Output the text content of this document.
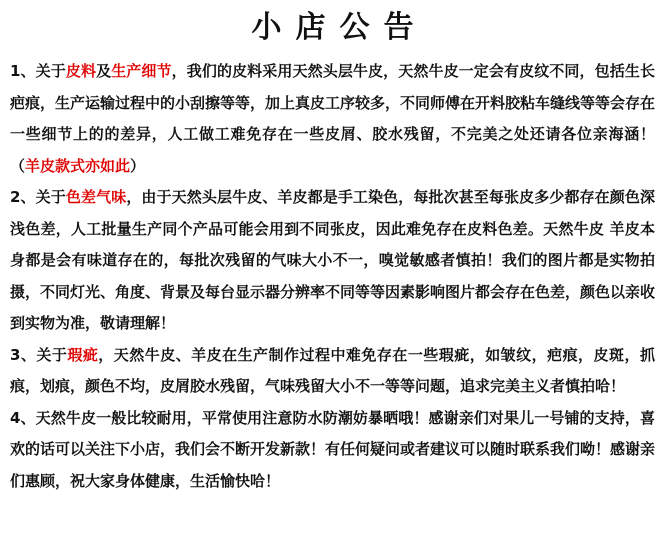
小店公告

1、关于皮料及生产细节，我们的皮料采用天然头层牛皮，天然牛皮一定会有皮纹不同，包括生长疤痕，生产运输过程中的小刮擦等等，加上真皮工序较多，不同师傅在开料胶粘车缝线等等会存在一些细节上的的差异，人工做工难免存在一些皮屑、胶水残留，不完美之处还请各位亲海涵！（羊皮款式亦如此）

2、关于色差气味，由于天然头层牛皮、羊皮都是手工染色，每批次甚至每张皮多少都存在颜色深浅色差，人工批量生产同个产品可能会用到不同张皮，因此难免存在皮料色差。天然牛皮 羊皮本身都是会有味道存在的，每批次残留的气味大小不一，嗅觉敏感者慎拍！我们的图片都是实物拍摄，不同灯光、角度、背景及每台显示器分辨率不同等等因素影响图片都会存在色差，颜色以亲收到实物为准，敬请理解！

3、关于瑕疵，天然牛皮、羊皮在生产制作过程中难免存在一些瑕疵，如皱纹，疤痕，皮斑，抓痕，划痕，颜色不均，皮屑胶水残留，气味残留大小不一等等问题，追求完美主义者慎拍哈！

4、天然牛皮一般比较耐用，平常使用注意防水防潮妨暴晒哦！感谢亲们对果儿一号铺的支持，喜欢的话可以关注下小店，我们会不断开发新款！有任何疑问或者建议可以随时联系我们呦！感谢亲们惠顾，祝大家身体健康，生活愉快哈！
